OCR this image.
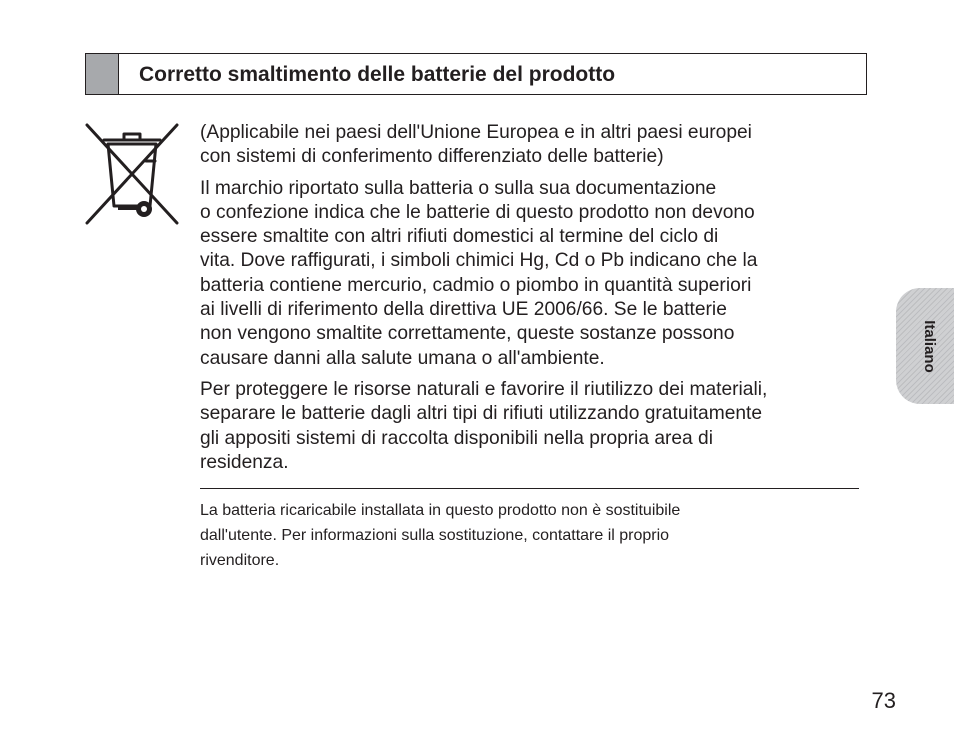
Corretto smaltimento delle batterie del prodotto

(Applicabile nei paesi dell'Unione Europea e in altri paesi europei
con sistemi di conferimento differenziato delle batterie)

Il marchio riportato sulla batteria o sulla sua documentazione
o confezione indica che le batterie di questo prodotto non devono
essere smaltite con altri rifiuti domestici al termine del ciclo di
vita. Dove raffigurati, i simboli chimici Hg, Cd o Pb indicano che la
batteria contiene mercurio, cadmio o piombo in quantità superiori
ai livelli di riferimento della direttiva UE 2006/66. Se le batterie
non vengono smaltite correttamente, queste sostanze possono
causare danni alla salute umana o all'ambiente.

Per proteggere le risorse naturali e favorire il riutilizzo dei materiali,
separare le batterie dagli altri tipi di rifiuti utilizzando gratuitamente
gli appositi sistemi di raccolta disponibili nella propria area di
residenza.

La batteria ricaricabile installata in questo prodotto non è sostituibile
dall'utente. Per informazioni sulla sostituzione, contattare il proprio
rivenditore.

Italiano
73
